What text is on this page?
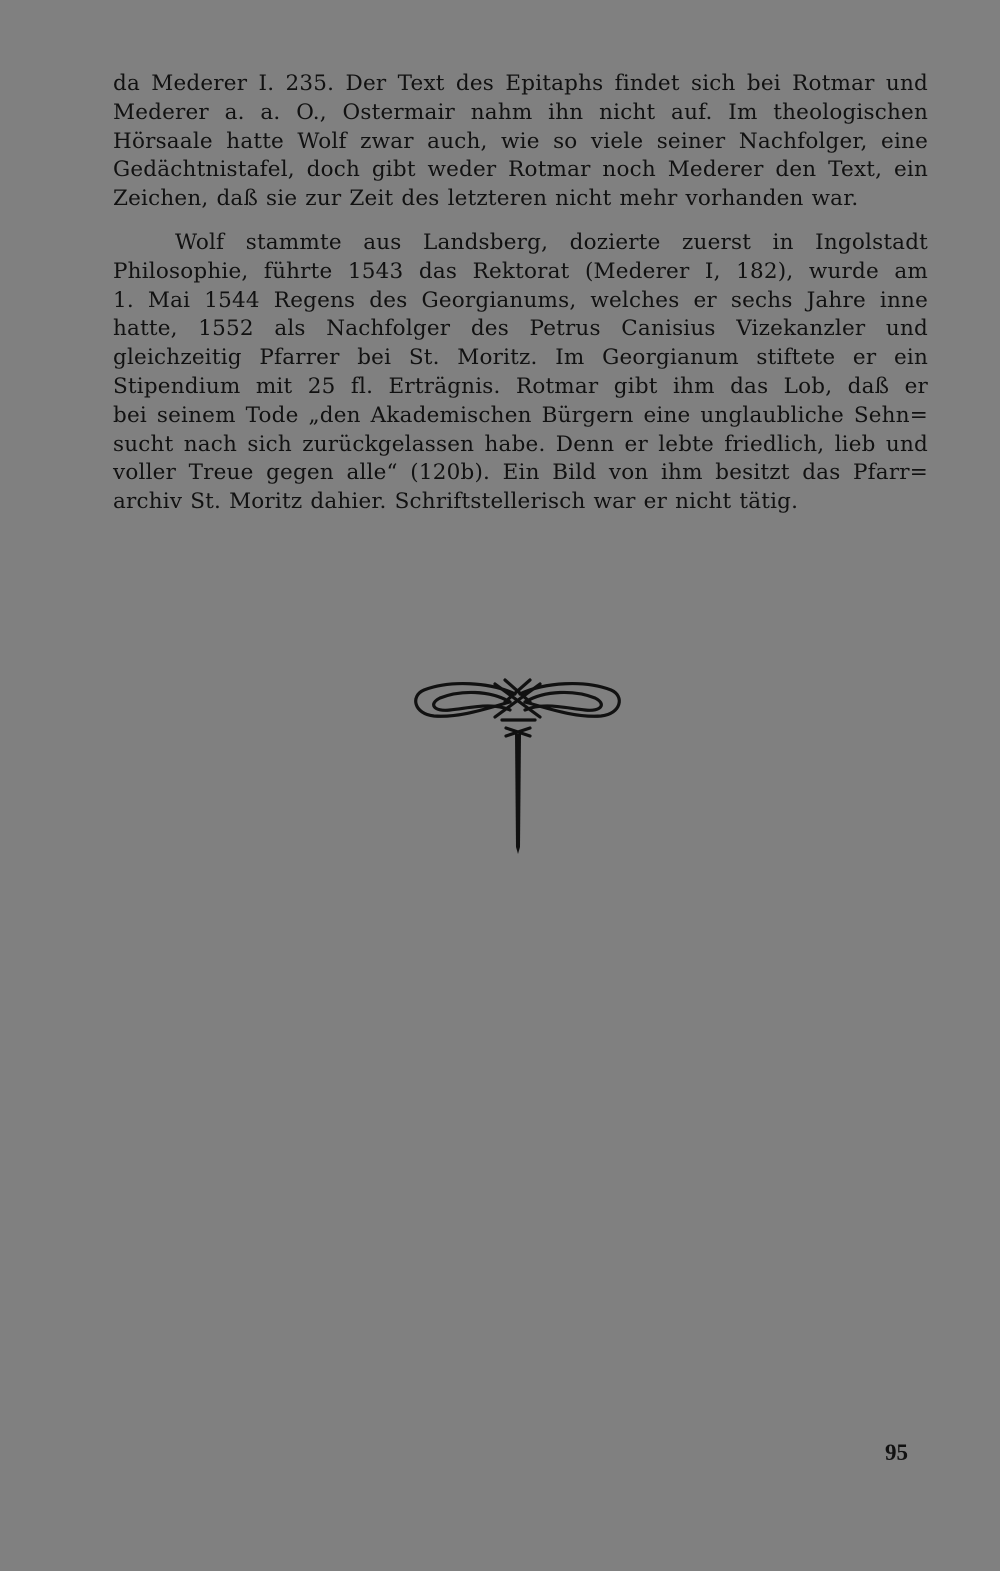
da Mederer I. 235. Der Text des Epitaphs findet sich bei Rotmar und
Mederer a. a. O., Ostermair nahm ihn nicht auf. Im theologischen
Hörsaale hatte Wolf zwar auch, wie so viele seiner Nachfolger, eine
Gedächtnistafel, doch gibt weder Rotmar noch Mederer den Text, ein
Zeichen, daß sie zur Zeit des letzteren nicht mehr vorhanden war.

Wolf stammte aus Landsberg, dozierte zuerst in Ingolstadt
Philosophie, führte 1543 das Rektorat (Mederer I, 182), wurde am
1. Mai 1544 Regens des Georgianums, welches er sechs Jahre inne
hatte, 1552 als Nachfolger des Petrus Canisius Vizekanzler und
gleichzeitig Pfarrer bei St. Moritz. Im Georgianum stiftete er ein
Stipendium mit 25 fl. Erträgnis. Rotmar gibt ihm das Lob, daß er
bei seinem Tode „den Akademischen Bürgern eine unglaubliche Sehn=
sucht nach sich zurückgelassen habe. Denn er lebte friedlich, lieb und
voller Treue gegen alle“ (120b). Ein Bild von ihm besitzt das Pfarr=
archiv St. Moritz dahier. Schriftstellerisch war er nicht tätig.

95
